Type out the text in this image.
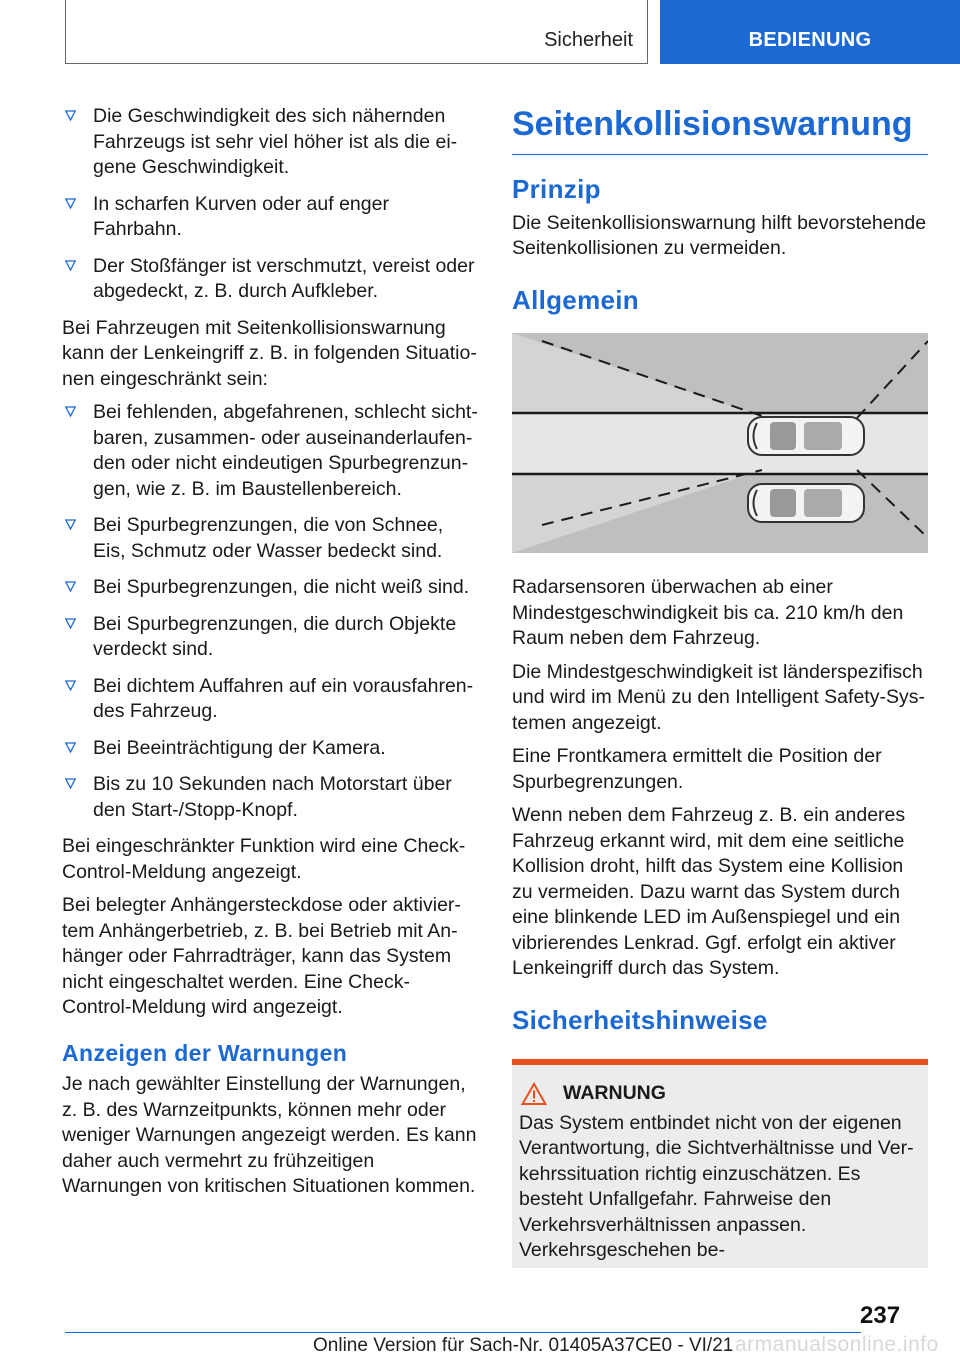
Sicherheit	BEDIENUNG
Die Geschwindigkeit des sich nähernden Fahrzeugs ist sehr viel höher ist als die eigene Geschwindigkeit.
In scharfen Kurven oder auf enger Fahrbahn.
Der Stoßfänger ist verschmutzt, vereist oder abgedeckt, z. B. durch Aufkleber.

Bei Fahrzeugen mit Seitenkollisionswarnung kann der Lenkeingriff z. B. in folgenden Situationen eingeschränkt sein:

Bei fehlenden, abgefahrenen, schlecht sichtbaren, zusammen- oder auseinanderlaufenden oder nicht eindeutigen Spurbegrenzungen, wie z. B. im Baustellenbereich.
Bei Spurbegrenzungen, die von Schnee, Eis, Schmutz oder Wasser bedeckt sind.
Bei Spurbegrenzungen, die nicht weiß sind.
Bei Spurbegrenzungen, die durch Objekte verdeckt sind.
Bei dichtem Auffahren auf ein vorausfahrendes Fahrzeug.
Bei Beeinträchtigung der Kamera.
Bis zu 10 Sekunden nach Motorstart über den Start-/Stopp-Knopf.

Bei eingeschränkter Funktion wird eine Check-Control-Meldung angezeigt.

Bei belegter Anhängersteckdose oder aktiviertem Anhängerbetrieb, z. B. bei Betrieb mit Anhänger oder Fahrradträger, kann das System nicht eingeschaltet werden. Eine Check-Control-Meldung wird angezeigt.

Anzeigen der Warnungen

Je nach gewählter Einstellung der Warnungen, z. B. des Warnzeitpunkts, können mehr oder weniger Warnungen angezeigt werden. Es kann daher auch vermehrt zu frühzeitigen Warnungen von kritischen Situationen kommen.

Seitenkollisionswarnung
Prinzip

Die Seitenkollisionswarnung hilft bevorstehende Seitenkollisionen zu vermeiden.

Allgemein

Radarsensoren überwachen ab einer Mindestgeschwindigkeit bis ca. 210 km/h den Raum neben dem Fahrzeug.

Die Mindestgeschwindigkeit ist länderspezifisch und wird im Menü zu den Intelligent Safety-Systemen angezeigt.

Eine Frontkamera ermittelt die Position der Spurbegrenzungen.

Wenn neben dem Fahrzeug z. B. ein anderes Fahrzeug erkannt wird, mit dem eine seitliche Kollision droht, hilft das System eine Kollision zu vermeiden. Dazu warnt das System durch eine blinkende LED im Außenspiegel und ein vibrierendes Lenkrad. Ggf. erfolgt ein aktiver Lenkeingriff durch das System.

Sicherheitshinweise
WARNUNG
Das System entbindet nicht von der eigenen Verantwortung, die Sichtverhältnisse und Verkehrssituation richtig einzuschätzen. Es besteht Unfallgefahr. Fahrweise den Verkehrsverhältnissen anpassen. Verkehrsgeschehen be-
237
Online Version für Sach-Nr. 01405A37CE0 - VI/21 armanualsonline.info
